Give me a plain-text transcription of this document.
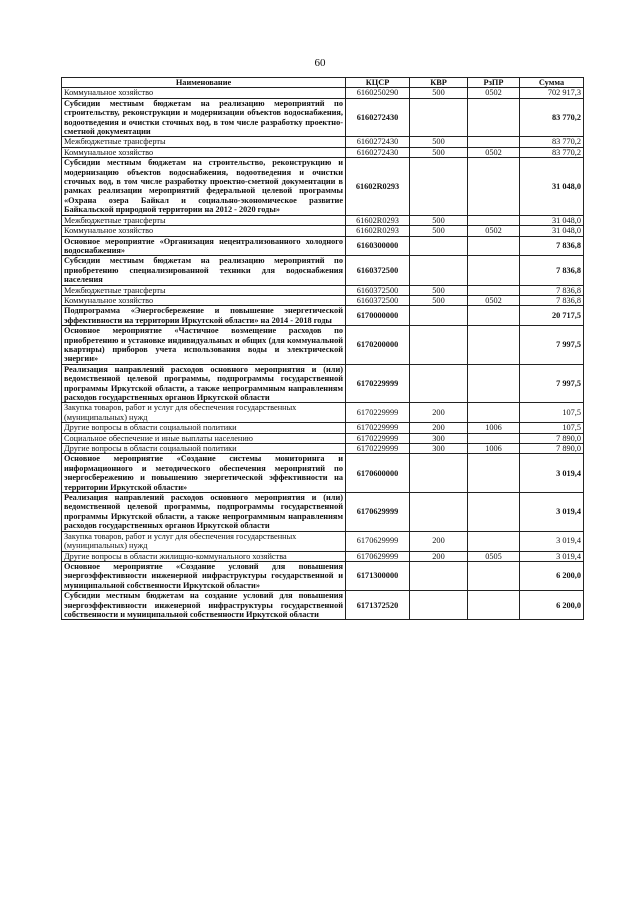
60
Наименование	КЦСР	КВР	РзПР	Сумма
Коммунальное хозяйство	6160250290	500	0502	702 917,3
Субсидии местным бюджетам на реализацию мероприятий по строительству, реконструкции и модернизации объектов водоснабжения, водоотведения и очистки сточных вод, в том числе разработку проектно-сметной документации	6160272430			83 770,2
Межбюджетные трансферты	6160272430	500		83 770,2
Коммунальное хозяйство	6160272430	500	0502	83 770,2
Субсидии местным бюджетам на строительство, реконструкцию и модернизацию объектов водоснабжения, водоотведения и очистки сточных вод, в том числе разработку проектно-сметной документации в рамках реализации мероприятий федеральной целевой программы «Охрана озера Байкал и социально-экономическое развитие Байкальской природной территории на 2012 - 2020 годы»	61602R0293			31 048,0
Межбюджетные трансферты	61602R0293	500		31 048,0
Коммунальное хозяйство	61602R0293	500	0502	31 048,0
Основное мероприятие «Организация нецентрализованного холодного водоснабжения»	6160300000			7 836,8
Субсидии местным бюджетам на реализацию мероприятий по приобретению специализированной техники для водоснабжения населения	6160372500			7 836,8
Межбюджетные трансферты	6160372500	500		7 836,8
Коммунальное хозяйство	6160372500	500	0502	7 836,8
Подпрограмма «Энергосбережение и повышение энергетической эффективности на территории Иркутской области» на 2014 - 2018 годы	6170000000			20 717,5
Основное мероприятие «Частичное возмещение расходов по приобретению и установке индивидуальных и общих (для коммунальной квартиры) приборов учета использования воды и электрической энергии»	6170200000			7 997,5
Реализация направлений расходов основного мероприятия и (или) ведомственной целевой программы, подпрограммы государственной программы Иркутской области, а также непрограммным направлениям расходов государственных органов Иркутской области	6170229999			7 997,5
Закупка товаров, работ и услуг для обеспечения государственных (муниципальных) нужд	6170229999	200		107,5
Другие вопросы в области социальной политики	6170229999	200	1006	107,5
Социальное обеспечение и иные выплаты населению	6170229999	300		7 890,0
Другие вопросы в области социальной политики	6170229999	300	1006	7 890,0
Основное мероприятие «Создание системы мониторинга и информационного и методического обеспечения мероприятий по энергосбережению и повышению энергетической эффективности на территории Иркутской области»	6170600000			3 019,4
Реализация направлений расходов основного мероприятия и (или) ведомственной целевой программы, подпрограммы государственной программы Иркутской области, а также непрограммным направлениям расходов государственных органов Иркутской области	6170629999			3 019,4
Закупка товаров, работ и услуг для обеспечения государственных (муниципальных) нужд	6170629999	200		3 019,4
Другие вопросы в области жилищно-коммунального хозяйства	6170629999	200	0505	3 019,4
Основное мероприятие «Создание условий для повышения энергоэффективности инженерной инфраструктуры государственной и муниципальной собственности Иркутской области»	6171300000			6 200,0
Субсидии местным бюджетам на создание условий для повышения энергоэффективности инженерной инфраструктуры государственной собственности и муниципальной собственности Иркутской области	6171372520			6 200,0
